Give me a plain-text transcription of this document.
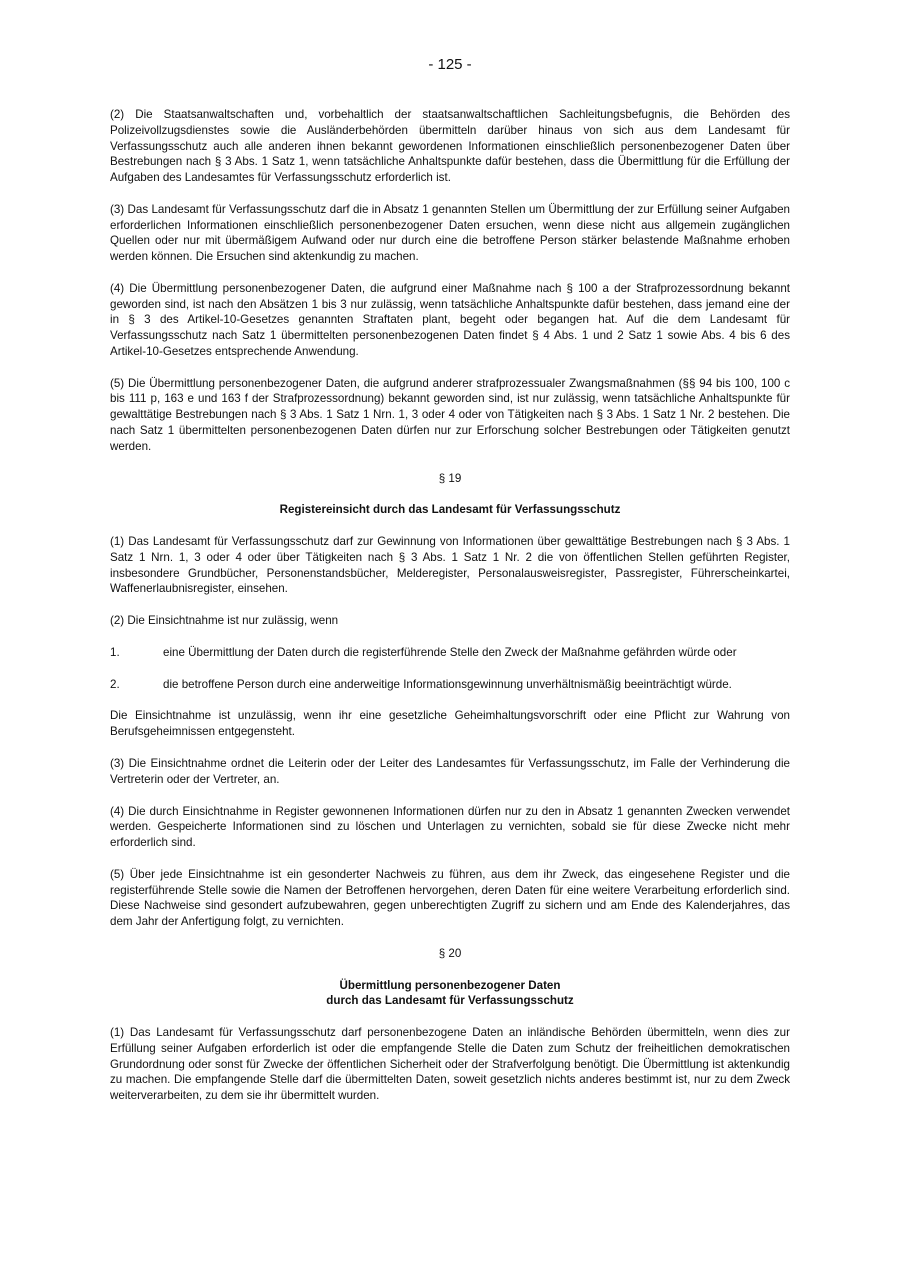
- 125 -

(2) Die Staatsanwaltschaften und, vorbehaltlich der staatsanwaltschaftlichen Sachleitungsbefugnis, die Behörden des Polizeivollzugsdienstes sowie die Ausländerbehörden übermitteln darüber hinaus von sich aus dem Landesamt für Verfassungsschutz auch alle anderen ihnen bekannt gewordenen Informationen einschließlich personenbezogener Daten über Bestrebungen nach § 3 Abs. 1 Satz 1, wenn tatsächliche Anhaltspunkte dafür bestehen, dass die Übermittlung für die Erfüllung der Aufgaben des Landesamtes für Verfassungsschutz erforderlich ist.

(3) Das Landesamt für Verfassungsschutz darf die in Absatz 1 genannten Stellen um Übermittlung der zur Erfüllung seiner Aufgaben erforderlichen Informationen einschließlich personenbezogener Daten ersuchen, wenn diese nicht aus allgemein zugänglichen Quellen oder nur mit übermäßigem Aufwand oder nur durch eine die betroffene Person stärker belastende Maßnahme erhoben werden können. Die Ersuchen sind aktenkundig zu machen.

(4) Die Übermittlung personenbezogener Daten, die aufgrund einer Maßnahme nach § 100 a der Strafprozessordnung bekannt geworden sind, ist nach den Absätzen 1 bis 3 nur zulässig, wenn tatsächliche Anhaltspunkte dafür bestehen, dass jemand eine der in § 3 des Artikel-10-Gesetzes genannten Straftaten plant, begeht oder begangen hat. Auf die dem Landesamt für Verfassungsschutz nach Satz 1 übermittelten personenbezogenen Daten findet § 4 Abs. 1 und 2 Satz 1 sowie Abs. 4 bis 6 des Artikel-10-Gesetzes entsprechende Anwendung.

(5) Die Übermittlung personenbezogener Daten, die aufgrund anderer strafprozessualer Zwangsmaßnahmen (§§ 94 bis 100, 100 c bis 111 p, 163 e und 163 f der Strafprozessordnung) bekannt geworden sind, ist nur zulässig, wenn tatsächliche Anhaltspunkte für gewalttätige Bestrebungen nach § 3 Abs. 1 Satz 1 Nrn. 1, 3 oder 4 oder von Tätigkeiten nach § 3 Abs. 1 Satz 1 Nr. 2 bestehen. Die nach Satz 1 übermittelten personenbezogenen Daten dürfen nur zur Erforschung solcher Bestrebungen oder Tätigkeiten genutzt werden.

§ 19
Registereinsicht durch das Landesamt für Verfassungsschutz

(1) Das Landesamt für Verfassungsschutz darf zur Gewinnung von Informationen über gewalttätige Bestrebungen nach § 3 Abs. 1 Satz 1 Nrn. 1, 3 oder 4 oder über Tätigkeiten nach § 3 Abs. 1 Satz 1 Nr. 2 die von öffentlichen Stellen geführten Register, insbesondere Grundbücher, Personenstandsbücher, Melderegister, Personalausweisregister, Passregister, Führerscheinkartei, Waffenerlaubnisregister, einsehen.

(2) Die Einsichtnahme ist nur zulässig, wenn

1.	eine Übermittlung der Daten durch die registerführende Stelle den Zweck der Maßnahme gefährden würde oder
2.	die betroffene Person durch eine anderweitige Informationsgewinnung unverhältnismäßig beeinträchtigt würde.

Die Einsichtnahme ist unzulässig, wenn ihr eine gesetzliche Geheimhaltungsvorschrift oder eine Pflicht zur Wahrung von Berufsgeheimnissen entgegensteht.

(3) Die Einsichtnahme ordnet die Leiterin oder der Leiter des Landesamtes für Verfassungsschutz, im Falle der Verhinderung die Vertreterin oder der Vertreter, an.

(4) Die durch Einsichtnahme in Register gewonnenen Informationen dürfen nur zu den in Absatz 1 genannten Zwecken verwendet werden. Gespeicherte Informationen sind zu löschen und Unterlagen zu vernichten, sobald sie für diese Zwecke nicht mehr erforderlich sind.

(5) Über jede Einsichtnahme ist ein gesonderter Nachweis zu führen, aus dem ihr Zweck, das eingesehene Register und die registerführende Stelle sowie die Namen der Betroffenen hervorgehen, deren Daten für eine weitere Verarbeitung erforderlich sind. Diese Nachweise sind gesondert aufzubewahren, gegen unberechtigten Zugriff zu sichern und am Ende des Kalenderjahres, das dem Jahr der Anfertigung folgt, zu vernichten.

§ 20
Übermittlung personenbezogener Daten
durch das Landesamt für Verfassungsschutz

(1) Das Landesamt für Verfassungsschutz darf personenbezogene Daten an inländische Behörden übermitteln, wenn dies zur Erfüllung seiner Aufgaben erforderlich ist oder die empfangende Stelle die Daten zum Schutz der freiheitlichen demokratischen Grundordnung oder sonst für Zwecke der öffentlichen Sicherheit oder der Strafverfolgung benötigt. Die Übermittlung ist aktenkundig zu machen. Die empfangende Stelle darf die übermittelten Daten, soweit gesetzlich nichts anderes bestimmt ist, nur zu dem Zweck weiterverarbeiten, zu dem sie ihr übermittelt wurden.
